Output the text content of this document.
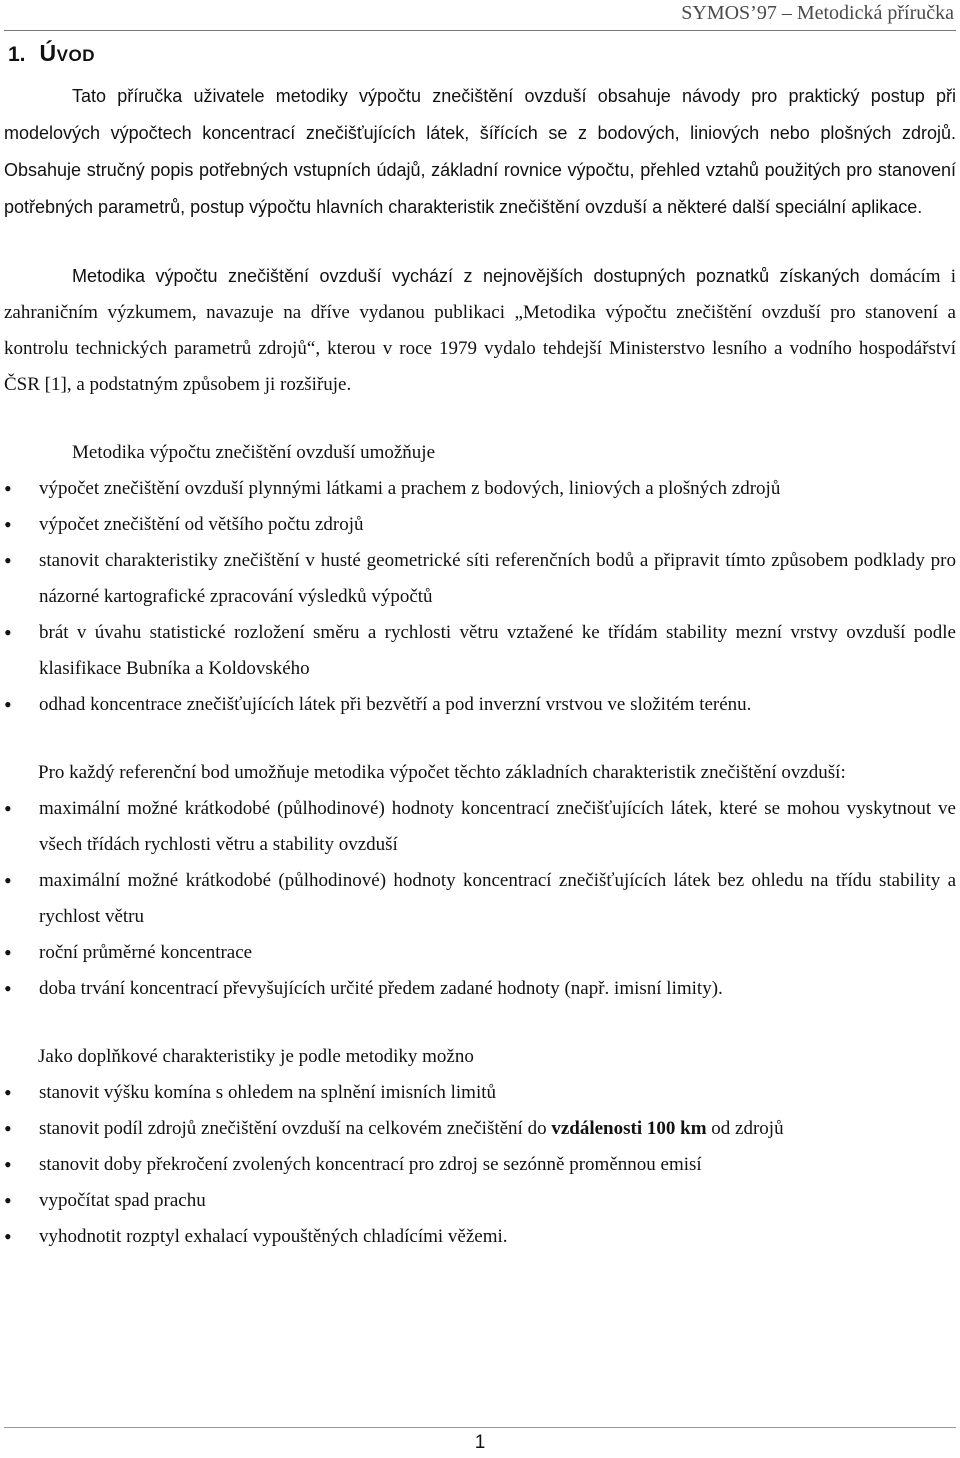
SYMOS’97 – Metodická příručka
1. ÚVOD

Tato příručka uživatele metodiky výpočtu znečištění ovzduší obsahuje návody pro praktický postup při modelových výpočtech koncentrací znečišťujících látek, šířících se z bodových, liniových nebo plošných zdrojů. Obsahuje stručný popis potřebných vstupních údajů, základní rovnice výpočtu, přehled vztahů použitých pro stanovení potřebných parametrů, postup výpočtu hlavních charakteristik znečištění ovzduší a některé další speciální aplikace.

Metodika výpočtu znečištění ovzduší vychází z nejnovějších dostupných poznatků získaných domácím i zahraničním výzkumem, navazuje na dříve vydanou publikaci „Metodika výpočtu znečištění ovzduší pro stanovení a kontrolu technických parametrů zdrojů“, kterou v roce 1979 vydalo tehdejší Ministerstvo lesního a vodního hospodářství ČSR [1], a podstatným způsobem ji rozšiřuje.

Metodika výpočtu znečištění ovzduší umožňuje

• výpočet znečištění ovzduší plynnými látkami a prachem z bodových, liniových a plošných zdrojů
• výpočet znečištění od většího počtu zdrojů
• stanovit charakteristiky znečištění v husté geometrické síti referenčních bodů a připravit tímto způsobem podklady pro názorné kartografické zpracování výsledků výpočtů
• brát v úvahu statistické rozložení směru a rychlosti větru vztažené ke třídám stability mezní vrstvy ovzduší podle klasifikace Bubníka a Koldovského
• odhad koncentrace znečišťujících látek při bezvětří a pod inverzní vrstvou ve složitém terénu.

Pro každý referenční bod umožňuje metodika výpočet těchto základních charakteristik znečištění ovzduší:

• maximální možné krátkodobé (půlhodinové) hodnoty koncentrací znečišťujících látek, které se mohou vyskytnout ve všech třídách rychlosti větru a stability ovzduší
• maximální možné krátkodobé (půlhodinové) hodnoty koncentrací znečišťujících látek bez ohledu na třídu stability a rychlost větru
• roční průměrné koncentrace
• doba trvání koncentrací převyšujících určité předem zadané hodnoty (např. imisní limity).

Jako doplňkové charakteristiky je podle metodiky možno

• stanovit výšku komína s ohledem na splnění imisních limitů
• stanovit podíl zdrojů znečištění ovzduší na celkovém znečištění do vzdálenosti 100 km od zdrojů
• stanovit doby překročení zvolených koncentrací pro zdroj se sezónně proměnnou emisí
• vypočítat spad prachu
• vyhodnotit rozptyl exhalací vypouštěných chladícími věžemi.
1
